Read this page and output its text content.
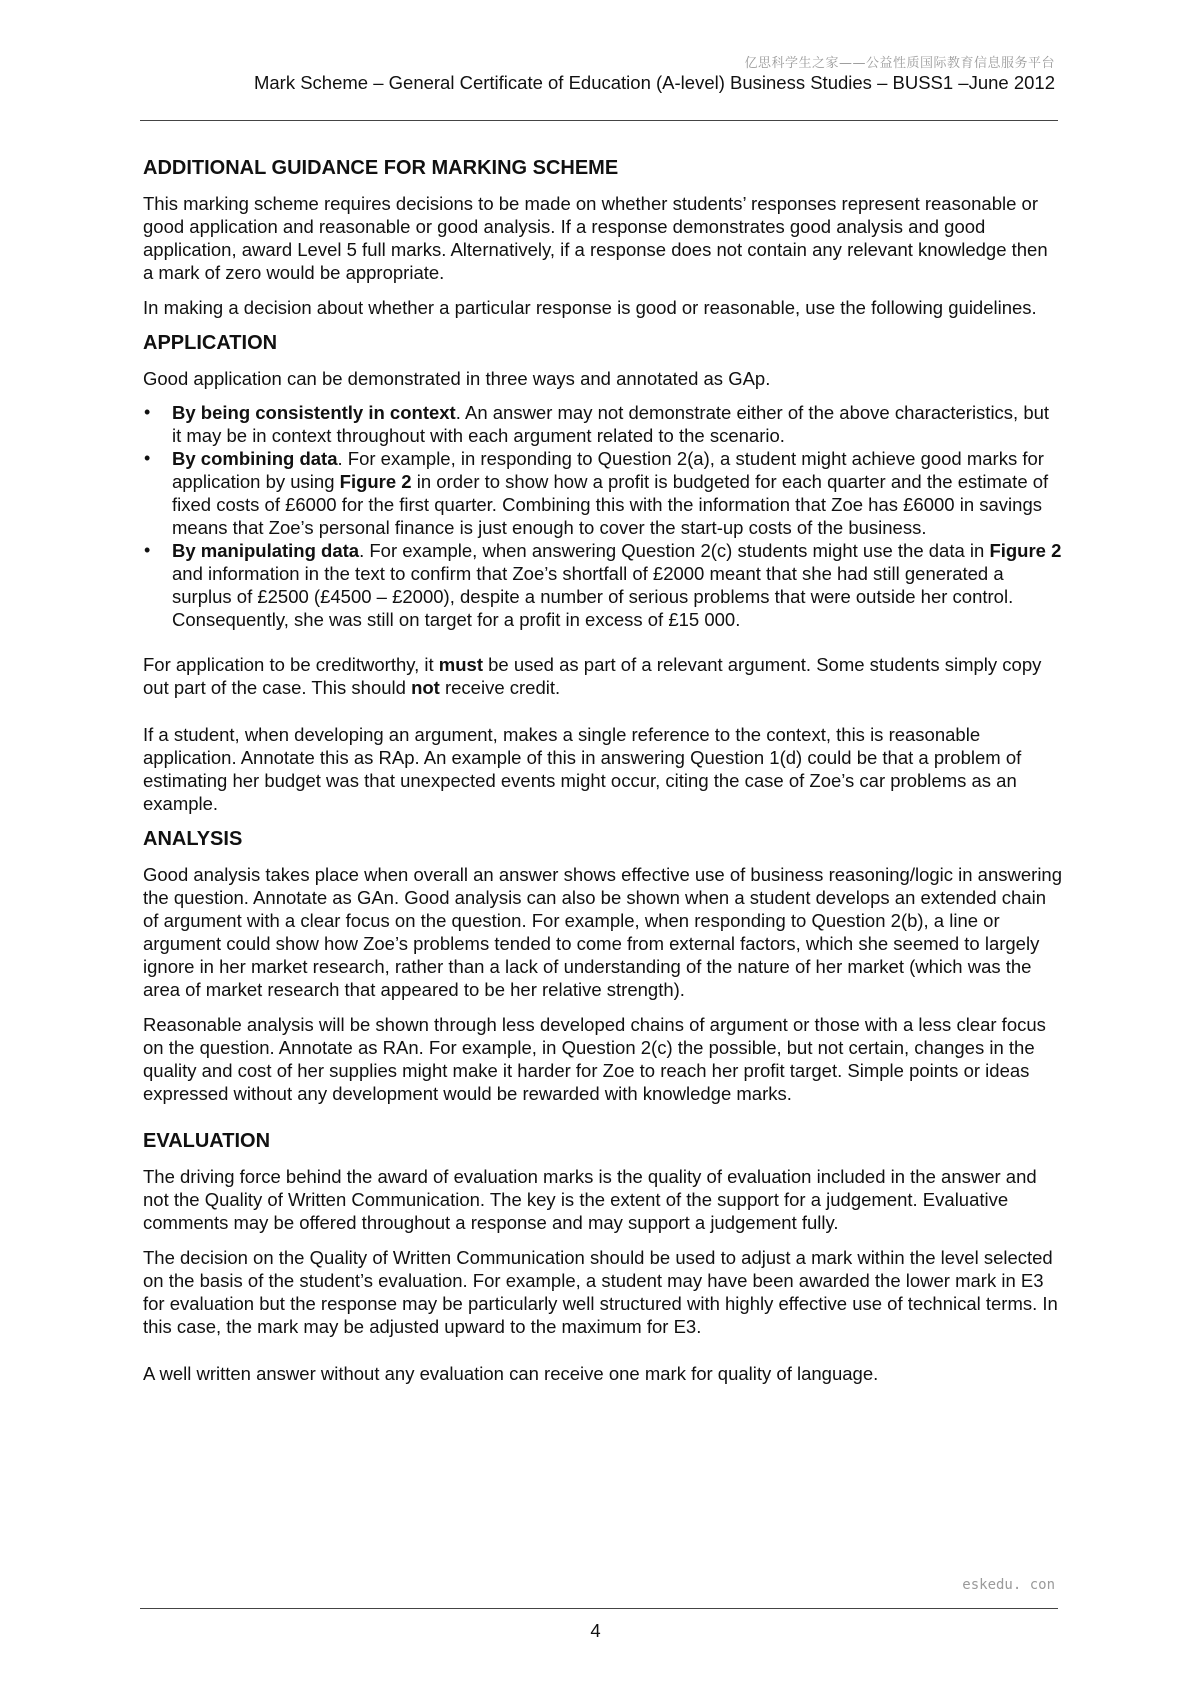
亿思科学生之家——公益性质国际教育信息服务平台
Mark Scheme – General Certificate of Education (A-level) Business Studies – BUSS1 –June 2012
ADDITIONAL GUIDANCE FOR MARKING SCHEME

This marking scheme requires decisions to be made on whether students’ responses represent reasonable or good application and reasonable or good analysis. If a response demonstrates good analysis and good application, award Level 5 full marks. Alternatively, if a response does not contain any relevant knowledge then a mark of zero would be appropriate.

In making a decision about whether a particular response is good or reasonable, use the following guidelines.

APPLICATION

Good application can be demonstrated in three ways and annotated as GAp.

• By being consistently in context. An answer may not demonstrate either of the above characteristics, but it may be in context throughout with each argument related to the scenario.
• By combining data. For example, in responding to Question 2(a), a student might achieve good marks for application by using Figure 2 in order to show how a profit is budgeted for each quarter and the estimate of fixed costs of £6000 for the first quarter. Combining this with the information that Zoe has £6000 in savings means that Zoe’s personal finance is just enough to cover the start-up costs of the business.
• By manipulating data. For example, when answering Question 2(c) students might use the data in Figure 2 and information in the text to confirm that Zoe’s shortfall of £2000 meant that she had still generated a surplus of £2500 (£4500 – £2000), despite a number of serious problems that were outside her control. Consequently, she was still on target for a profit in excess of £15 000.

For application to be creditworthy, it must be used as part of a relevant argument. Some students simply copy out part of the case. This should not receive credit.

If a student, when developing an argument, makes a single reference to the context, this is reasonable application. Annotate this as RAp. An example of this in answering Question 1(d) could be that a problem of estimating her budget was that unexpected events might occur, citing the case of Zoe’s car problems as an example.

ANALYSIS

Good analysis takes place when overall an answer shows effective use of business reasoning/logic in answering the question. Annotate as GAn. Good analysis can also be shown when a student develops an extended chain of argument with a clear focus on the question. For example, when responding to Question 2(b), a line or argument could show how Zoe’s problems tended to come from external factors, which she seemed to largely ignore in her market research, rather than a lack of understanding of the nature of her market (which was the area of market research that appeared to be her relative strength).

Reasonable analysis will be shown through less developed chains of argument or those with a less clear focus on the question. Annotate as RAn. For example, in Question 2(c) the possible, but not certain, changes in the quality and cost of her supplies might make it harder for Zoe to reach her profit target. Simple points or ideas expressed without any development would be rewarded with knowledge marks.

EVALUATION

The driving force behind the award of evaluation marks is the quality of evaluation included in the answer and not the Quality of Written Communication. The key is the extent of the support for a judgement. Evaluative comments may be offered throughout a response and may support a judgement fully.

The decision on the Quality of Written Communication should be used to adjust a mark within the level selected on the basis of the student’s evaluation. For example, a student may have been awarded the lower mark in E3 for evaluation but the response may be particularly well structured with highly effective use of technical terms. In this case, the mark may be adjusted upward to the maximum for E3.

A well written answer without any evaluation can receive one mark for quality of language.

eskedu. con
4
